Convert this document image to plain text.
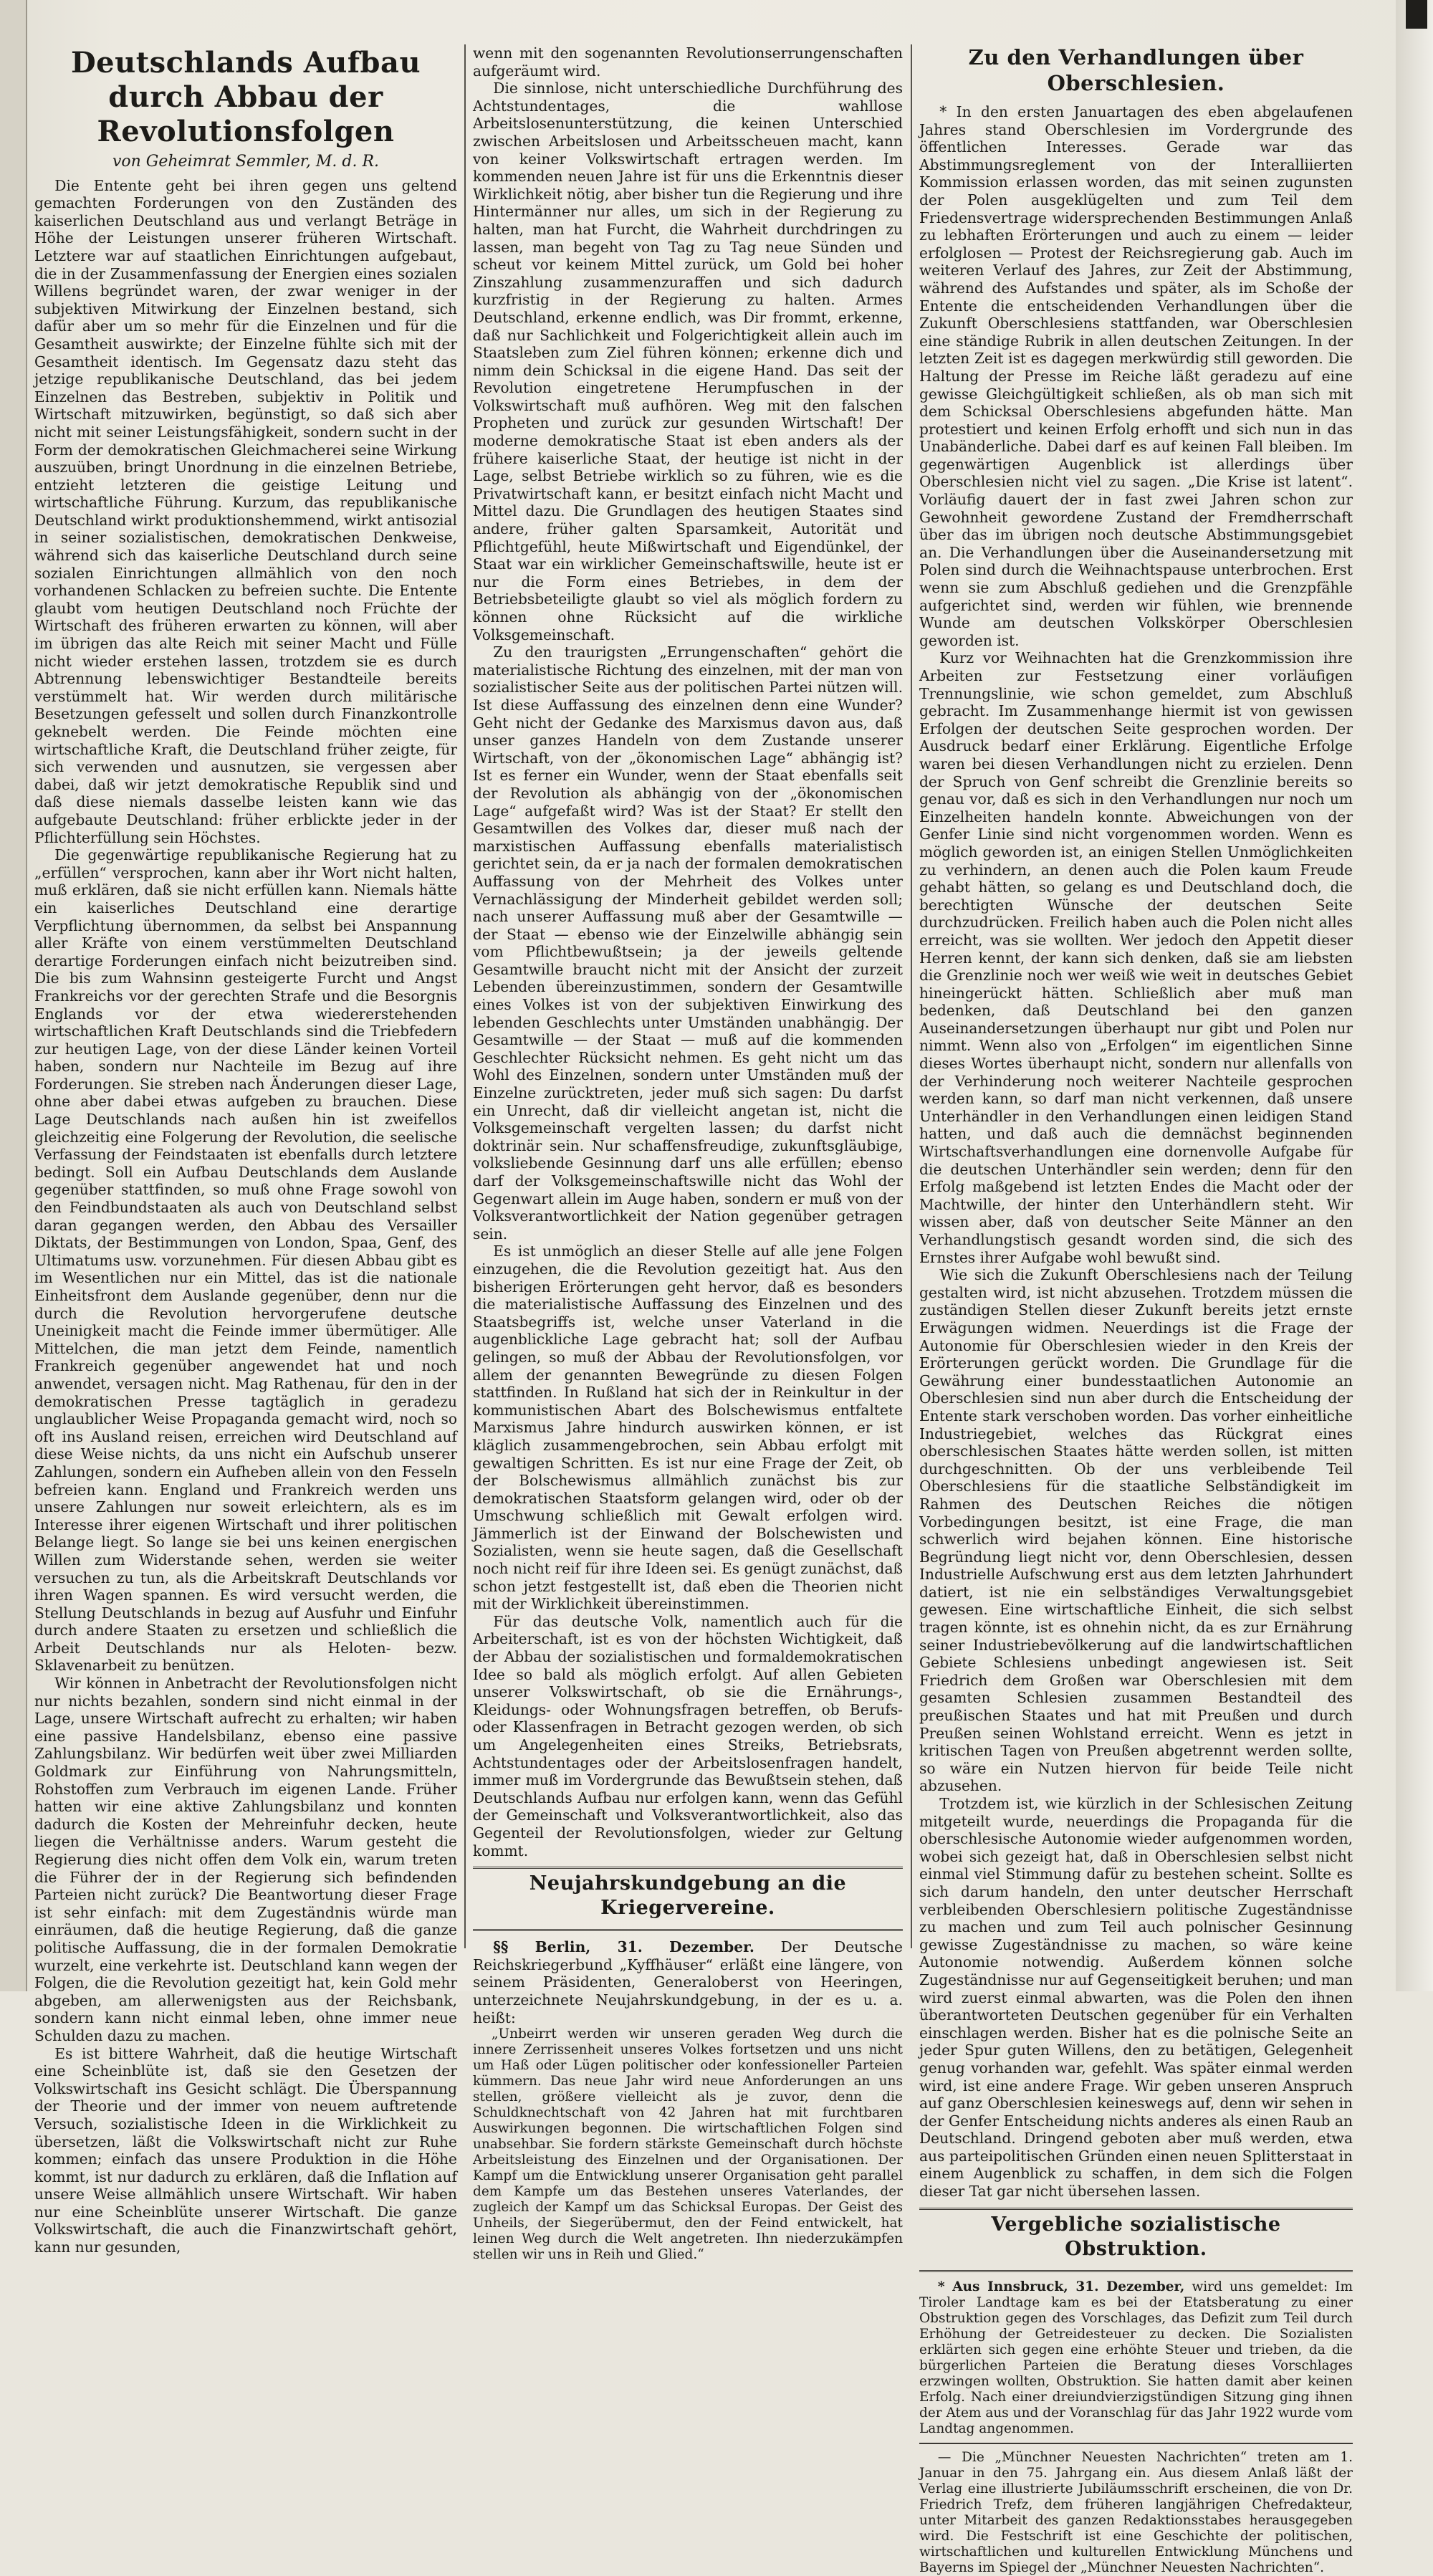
Deutschlands Aufbau durch Abbau der Revolutionsfolgen
von Geheimrat Semmler, M. d. R.

Die Entente geht bei ihren gegen uns geltend gemachten Forderungen von den Zuständen des kaiserlichen Deutschland aus und verlangt Beträge in Höhe der Leistungen unserer früheren Wirtschaft. Letztere war auf staatlichen Einrichtungen aufgebaut, die in der Zusammenfassung der Energien eines sozialen Willens begründet waren, der zwar weniger in der subjektiven Mitwirkung der Einzelnen bestand, sich dafür aber um so mehr für die Einzelnen und für die Gesamtheit auswirkte; der Einzelne fühlte sich mit der Gesamtheit identisch. Im Gegensatz dazu steht das jetzige republikanische Deutschland, das bei jedem Einzelnen das Bestreben, subjektiv in Politik und Wirtschaft mitzuwirken, begünstigt, so daß sich aber nicht mit seiner Leistungsfähigkeit, sondern sucht in der Form der demokratischen Gleichmacherei seine Wirkung auszuüben, bringt Unordnung in die einzelnen Betriebe, entzieht letzteren die geistige Leitung und wirtschaftliche Führung. Kurzum, das republikanische Deutschland wirkt produktionshemmend, wirkt antisozial in seiner sozialistischen, demokratischen Denkweise, während sich das kaiserliche Deutschland durch seine sozialen Einrichtungen allmählich von den noch vorhandenen Schlacken zu befreien suchte. Die Entente glaubt vom heutigen Deutschland noch Früchte der Wirtschaft des früheren erwarten zu können, will aber im übrigen das alte Reich mit seiner Macht und Fülle nicht wieder erstehen lassen, trotzdem sie es durch Abtrennung lebenswichtiger Bestandteile bereits verstümmelt hat. Wir werden durch militärische Besetzungen gefesselt und sollen durch Finanzkontrolle geknebelt werden. Die Feinde möchten eine wirtschaftliche Kraft, die Deutschland früher zeigte, für sich verwenden und ausnutzen, sie vergessen aber dabei, daß wir jetzt demokratische Republik sind und daß diese niemals dasselbe leisten kann wie das aufgebaute Deutschland: früher erblickte jeder in der Pflichterfüllung sein Höchstes.

Die gegenwärtige republikanische Regierung hat zu „erfüllen“ versprochen, kann aber ihr Wort nicht halten, muß erklären, daß sie nicht erfüllen kann. Niemals hätte ein kaiserliches Deutschland eine derartige Verpflichtung übernommen, da selbst bei Anspannung aller Kräfte von einem verstümmelten Deutschland derartige Forderungen einfach nicht beizutreiben sind. Die bis zum Wahnsinn gesteigerte Furcht und Angst Frankreichs vor der gerechten Strafe und die Besorgnis Englands vor der etwa wiedererstehenden wirtschaftlichen Kraft Deutschlands sind die Triebfedern zur heutigen Lage, von der diese Länder keinen Vorteil haben, sondern nur Nachteile im Bezug auf ihre Forderungen. Sie streben nach Änderungen dieser Lage, ohne aber dabei etwas aufgeben zu brauchen. Diese Lage Deutschlands nach außen hin ist zweifellos gleichzeitig eine Folgerung der Revolution, die seelische Verfassung der Feindstaaten ist ebenfalls durch letztere bedingt. Soll ein Aufbau Deutschlands dem Auslande gegenüber stattfinden, so muß ohne Frage sowohl von den Feindbundstaaten als auch von Deutschland selbst daran gegangen werden, den Abbau des Versailler Diktats, der Bestimmungen von London, Spaa, Genf, des Ultimatums usw. vorzunehmen. Für diesen Abbau gibt es im Wesentlichen nur ein Mittel, das ist die nationale Einheitsfront dem Auslande gegenüber, denn nur die durch die Revolution hervorgerufene deutsche Uneinigkeit macht die Feinde immer übermütiger. Alle Mittelchen, die man jetzt dem Feinde, namentlich Frankreich gegenüber angewendet hat und noch anwendet, versagen nicht. Mag Rathenau, für den in der demokratischen Presse tagtäglich in geradezu unglaublicher Weise Propaganda gemacht wird, noch so oft ins Ausland reisen, erreichen wird Deutschland auf diese Weise nichts, da uns nicht ein Aufschub unserer Zahlungen, sondern ein Aufheben allein von den Fesseln befreien kann. England und Frankreich werden uns unsere Zahlungen nur soweit erleichtern, als es im Interesse ihrer eigenen Wirtschaft und ihrer politischen Belange liegt. So lange sie bei uns keinen energischen Willen zum Widerstande sehen, werden sie weiter versuchen zu tun, als die Arbeitskraft Deutschlands vor ihren Wagen spannen. Es wird versucht werden, die Stellung Deutschlands in bezug auf Ausfuhr und Einfuhr durch andere Staaten zu ersetzen und schließlich die Arbeit Deutschlands nur als Heloten- bezw. Sklavenarbeit zu benützen.

Wir können in Anbetracht der Revolutionsfolgen nicht nur nichts bezahlen, sondern sind nicht einmal in der Lage, unsere Wirtschaft aufrecht zu erhalten; wir haben eine passive Handelsbilanz, ebenso eine passive Zahlungsbilanz. Wir bedürfen weit über zwei Milliarden Goldmark zur Einführung von Nahrungsmitteln, Rohstoffen zum Verbrauch im eigenen Lande. Früher hatten wir eine aktive Zahlungsbilanz und konnten dadurch die Kosten der Mehreinfuhr decken, heute liegen die Verhältnisse anders. Warum gesteht die Regierung dies nicht offen dem Volk ein, warum treten die Führer der in der Regierung sich befindenden Parteien nicht zurück? Die Beantwortung dieser Frage ist sehr einfach: mit dem Zugeständnis würde man einräumen, daß die heutige Regierung, daß die ganze politische Auffassung, die in der formalen Demokratie wurzelt, eine verkehrte ist. Deutschland kann wegen der Folgen, die die Revolution gezeitigt hat, kein Gold mehr abgeben, am allerwenigsten aus der Reichsbank, sondern kann nicht einmal leben, ohne immer neue Schulden dazu zu machen.

Es ist bittere Wahrheit, daß die heutige Wirtschaft eine Scheinblüte ist, daß sie den Gesetzen der Volkswirtschaft ins Gesicht schlägt. Die Überspannung der Theorie und der immer von neuem auftretende Versuch, sozialistische Ideen in die Wirklichkeit zu übersetzen, läßt die Volkswirtschaft nicht zur Ruhe kommen; einfach das unsere Produktion in die Höhe kommt, ist nur dadurch zu erklären, daß die Inflation auf unsere Weise allmählich unsere Wirtschaft. Wir haben nur eine Scheinblüte unserer Wirtschaft. Die ganze Volkswirtschaft, die auch die Finanzwirtschaft gehört, kann nur gesunden,

wenn mit den sogenannten Revolutionserrungenschaften aufgeräumt wird.

Die sinnlose, nicht unterschiedliche Durchführung des Achtstundentages, die wahllose Arbeitslosenunterstützung, die keinen Unterschied zwischen Arbeitslosen und Arbeitsscheuen macht, kann von keiner Volkswirtschaft ertragen werden. Im kommenden neuen Jahre ist für uns die Erkenntnis dieser Wirklichkeit nötig, aber bisher tun die Regierung und ihre Hintermänner nur alles, um sich in der Regierung zu halten, man hat Furcht, die Wahrheit durchdringen zu lassen, man begeht von Tag zu Tag neue Sünden und scheut vor keinem Mittel zurück, um Gold bei hoher Zinszahlung zusammenzuraffen und sich dadurch kurzfristig in der Regierung zu halten. Armes Deutschland, erkenne endlich, was Dir frommt, erkenne, daß nur Sachlichkeit und Folgerichtigkeit allein auch im Staatsleben zum Ziel führen können; erkenne dich und nimm dein Schicksal in die eigene Hand. Das seit der Revolution eingetretene Herumpfuschen in der Volkswirtschaft muß aufhören. Weg mit den falschen Propheten und zurück zur gesunden Wirtschaft! Der moderne demokratische Staat ist eben anders als der frühere kaiserliche Staat, der heutige ist nicht in der Lage, selbst Betriebe wirklich so zu führen, wie es die Privatwirtschaft kann, er besitzt einfach nicht Macht und Mittel dazu. Die Grundlagen des heutigen Staates sind andere, früher galten Sparsamkeit, Autorität und Pflichtgefühl, heute Mißwirtschaft und Eigendünkel, der Staat war ein wirklicher Gemeinschaftswille, heute ist er nur die Form eines Betriebes, in dem der Betriebsbeteiligte glaubt so viel als möglich fordern zu können ohne Rücksicht auf die wirkliche Volksgemeinschaft.

Zu den traurigsten „Errungenschaften“ gehört die materialistische Richtung des einzelnen, mit der man von sozialistischer Seite aus der politischen Partei nützen will. Ist diese Auffassung des einzelnen denn eine Wunder? Geht nicht der Gedanke des Marxismus davon aus, daß unser ganzes Handeln von dem Zustande unserer Wirtschaft, von der „ökonomischen Lage“ abhängig ist? Ist es ferner ein Wunder, wenn der Staat ebenfalls seit der Revolution als abhängig von der „ökonomischen Lage“ aufgefaßt wird? Was ist der Staat? Er stellt den Gesamtwillen des Volkes dar, dieser muß nach der marxistischen Auffassung ebenfalls materialistisch gerichtet sein, da er ja nach der formalen demokratischen Auffassung von der Mehrheit des Volkes unter Vernachlässigung der Minderheit gebildet werden soll; nach unserer Auffassung muß aber der Gesamtwille — der Staat — ebenso wie der Einzelwille abhängig sein vom Pflichtbewußtsein; ja der jeweils geltende Gesamtwille braucht nicht mit der Ansicht der zurzeit Lebenden übereinzustimmen, sondern der Gesamtwille eines Volkes ist von der subjektiven Einwirkung des lebenden Geschlechts unter Umständen unabhängig. Der Gesamtwille — der Staat — muß auf die kommenden Geschlechter Rücksicht nehmen. Es geht nicht um das Wohl des Einzelnen, sondern unter Umständen muß der Einzelne zurücktreten, jeder muß sich sagen: Du darfst ein Unrecht, daß dir vielleicht angetan ist, nicht die Volksgemeinschaft vergelten lassen; du darfst nicht doktrinär sein. Nur schaffensfreudige, zukunftsgläubige, volksliebende Gesinnung darf uns alle erfüllen; ebenso darf der Volksgemeinschaftswille nicht das Wohl der Gegenwart allein im Auge haben, sondern er muß von der Volksverantwortlichkeit der Nation gegenüber getragen sein.

Es ist unmöglich an dieser Stelle auf alle jene Folgen einzugehen, die die Revolution gezeitigt hat. Aus den bisherigen Erörterungen geht hervor, daß es besonders die materialistische Auffassung des Einzelnen und des Staatsbegriffs ist, welche unser Vaterland in die augenblickliche Lage gebracht hat; soll der Aufbau gelingen, so muß der Abbau der Revolutionsfolgen, vor allem der genannten Bewegründe zu diesen Folgen stattfinden. In Rußland hat sich der in Reinkultur in der kommunistischen Abart des Bolschewismus entfaltete Marxismus Jahre hindurch auswirken können, er ist kläglich zusammengebrochen, sein Abbau erfolgt mit gewaltigen Schritten. Es ist nur eine Frage der Zeit, ob der Bolschewismus allmählich zunächst bis zur demokratischen Staatsform gelangen wird, oder ob der Umschwung schließlich mit Gewalt erfolgen wird. Jämmerlich ist der Einwand der Bolschewisten und Sozialisten, wenn sie heute sagen, daß die Gesellschaft noch nicht reif für ihre Ideen sei. Es genügt zunächst, daß schon jetzt festgestellt ist, daß eben die Theorien nicht mit der Wirklichkeit übereinstimmen.

Für das deutsche Volk, namentlich auch für die Arbeiterschaft, ist es von der höchsten Wichtigkeit, daß der Abbau der sozialistischen und formaldemokratischen Idee so bald als möglich erfolgt. Auf allen Gebieten unserer Volkswirtschaft, ob sie die Ernährungs-, Kleidungs- oder Wohnungsfragen betreffen, ob Berufs- oder Klassenfragen in Betracht gezogen werden, ob sich um Angelegenheiten eines Streiks, Betriebsrats, Achtstundentages oder der Arbeitslosenfragen handelt, immer muß im Vordergrunde das Bewußtsein stehen, daß Deutschlands Aufbau nur erfolgen kann, wenn das Gefühl der Gemeinschaft und Volksverantwortlichkeit, also das Gegenteil der Revolutionsfolgen, wieder zur Geltung kommt.

Neujahrskundgebung an die Kriegervereine.

§§ Berlin, 31. Dezember. Der Deutsche Reichskriegerbund „Kyffhäuser“ erläßt eine längere, von seinem Präsidenten, Generaloberst von Heeringen, unterzeichnete Neujahrskundgebung, in der es u. a. heißt:

„Unbeirrt werden wir unseren geraden Weg durch die innere Zerrissenheit unseres Volkes fortsetzen und uns nicht um Haß oder Lügen politischer oder konfessioneller Parteien kümmern. Das neue Jahr wird neue Anforderungen an uns stellen, größere vielleicht als je zuvor, denn die Schuldknechtschaft von 42 Jahren hat mit furchtbaren Auswirkungen begonnen. Die wirtschaftlichen Folgen sind unabsehbar. Sie fordern stärkste Gemeinschaft durch höchste Arbeitsleistung des Einzelnen und der Organisationen. Der Kampf um die Entwicklung unserer Organisation geht parallel dem Kampfe um das Bestehen unseres Vaterlandes, der zugleich der Kampf um das Schicksal Europas. Der Geist des Unheils, der Siegerübermut, den der Feind entwickelt, hat leinen Weg durch die Welt angetreten. Ihn niederzukämpfen stellen wir uns in Reih und Glied.“

Zu den Verhandlungen über Oberschlesien.

* In den ersten Januartagen des eben abgelaufenen Jahres stand Oberschlesien im Vordergrunde des öffentlichen Interesses. Gerade war das Abstimmungsreglement von der Interalliierten Kommission erlassen worden, das mit seinen zugunsten der Polen ausgeklügelten und zum Teil dem Friedensvertrage widersprechenden Bestimmungen Anlaß zu lebhaften Erörterungen und auch zu einem — leider erfolglosen — Protest der Reichsregierung gab. Auch im weiteren Verlauf des Jahres, zur Zeit der Abstimmung, während des Aufstandes und später, als im Schoße der Entente die entscheidenden Verhandlungen über die Zukunft Oberschlesiens stattfanden, war Oberschlesien eine ständige Rubrik in allen deutschen Zeitungen. In der letzten Zeit ist es dagegen merkwürdig still geworden. Die Haltung der Presse im Reiche läßt geradezu auf eine gewisse Gleichgültigkeit schließen, als ob man sich mit dem Schicksal Oberschlesiens abgefunden hätte. Man protestiert und keinen Erfolg erhofft und sich nun in das Unabänderliche. Dabei darf es auf keinen Fall bleiben. Im gegenwärtigen Augenblick ist allerdings über Oberschlesien nicht viel zu sagen. „Die Krise ist latent“. Vorläufig dauert der in fast zwei Jahren schon zur Gewohnheit gewordene Zustand der Fremdherrschaft über das im übrigen noch deutsche Abstimmungsgebiet an. Die Verhandlungen über die Auseinandersetzung mit Polen sind durch die Weihnachtspause unterbrochen. Erst wenn sie zum Abschluß gediehen und die Grenzpfähle aufgerichtet sind, werden wir fühlen, wie brennende Wunde am deutschen Volkskörper Oberschlesien geworden ist.

Kurz vor Weihnachten hat die Grenzkommission ihre Arbeiten zur Festsetzung einer vorläufigen Trennungslinie, wie schon gemeldet, zum Abschluß gebracht. Im Zusammenhange hiermit ist von gewissen Erfolgen der deutschen Seite gesprochen worden. Der Ausdruck bedarf einer Erklärung. Eigentliche Erfolge waren bei diesen Verhandlungen nicht zu erzielen. Denn der Spruch von Genf schreibt die Grenzlinie bereits so genau vor, daß es sich in den Verhandlungen nur noch um Einzelheiten handeln konnte. Abweichungen von der Genfer Linie sind nicht vorgenommen worden. Wenn es möglich geworden ist, an einigen Stellen Unmöglichkeiten zu verhindern, an denen auch die Polen kaum Freude gehabt hätten, so gelang es und Deutschland doch, die berechtigten Wünsche der deutschen Seite durchzudrücken. Freilich haben auch die Polen nicht alles erreicht, was sie wollten. Wer jedoch den Appetit dieser Herren kennt, der kann sich denken, daß sie am liebsten die Grenzlinie noch wer weiß wie weit in deutsches Gebiet hineingerückt hätten. Schließlich aber muß man bedenken, daß Deutschland bei den ganzen Auseinandersetzungen überhaupt nur gibt und Polen nur nimmt. Wenn also von „Erfolgen“ im eigentlichen Sinne dieses Wortes überhaupt nicht, sondern nur allenfalls von der Verhinderung noch weiterer Nachteile gesprochen werden kann, so darf man nicht verkennen, daß unsere Unterhändler in den Verhandlungen einen leidigen Stand hatten, und daß auch die demnächst beginnenden Wirtschaftsverhandlungen eine dornenvolle Aufgabe für die deutschen Unterhändler sein werden; denn für den Erfolg maßgebend ist letzten Endes die Macht oder der Machtwille, der hinter den Unterhändlern steht. Wir wissen aber, daß von deutscher Seite Männer an den Verhandlungstisch gesandt worden sind, die sich des Ernstes ihrer Aufgabe wohl bewußt sind.

Wie sich die Zukunft Oberschlesiens nach der Teilung gestalten wird, ist nicht abzusehen. Trotzdem müssen die zuständigen Stellen dieser Zukunft bereits jetzt ernste Erwägungen widmen. Neuerdings ist die Frage der Autonomie für Oberschlesien wieder in den Kreis der Erörterungen gerückt worden. Die Grundlage für die Gewährung einer bundesstaatlichen Autonomie an Oberschlesien sind nun aber durch die Entscheidung der Entente stark verschoben worden. Das vorher einheitliche Industriegebiet, welches das Rückgrat eines oberschlesischen Staates hätte werden sollen, ist mitten durchgeschnitten. Ob der uns verbleibende Teil Oberschlesiens für die staatliche Selbständigkeit im Rahmen des Deutschen Reiches die nötigen Vorbedingungen besitzt, ist eine Frage, die man schwerlich wird bejahen können. Eine historische Begründung liegt nicht vor, denn Oberschlesien, dessen Industrielle Aufschwung erst aus dem letzten Jahrhundert datiert, ist nie ein selbständiges Verwaltungsgebiet gewesen. Eine wirtschaftliche Einheit, die sich selbst tragen könnte, ist es ohnehin nicht, da es zur Ernährung seiner Industriebevölkerung auf die landwirtschaftlichen Gebiete Schlesiens unbedingt angewiesen ist. Seit Friedrich dem Großen war Oberschlesien mit dem gesamten Schlesien zusammen Bestandteil des preußischen Staates und hat mit Preußen und durch Preußen seinen Wohlstand erreicht. Wenn es jetzt in kritischen Tagen von Preußen abgetrennt werden sollte, so wäre ein Nutzen hiervon für beide Teile nicht abzusehen.

Trotzdem ist, wie kürzlich in der Schlesischen Zeitung mitgeteilt wurde, neuerdings die Propaganda für die oberschlesische Autonomie wieder aufgenommen worden, wobei sich gezeigt hat, daß in Oberschlesien selbst nicht einmal viel Stimmung dafür zu bestehen scheint. Sollte es sich darum handeln, den unter deutscher Herrschaft verbleibenden Oberschlesiern politische Zugeständnisse zu machen und zum Teil auch polnischer Gesinnung gewisse Zugeständnisse zu machen, so wäre keine Autonomie notwendig. Außerdem können solche Zugeständnisse nur auf Gegenseitigkeit beruhen; und man wird zuerst einmal abwarten, was die Polen den ihnen überantworteten Deutschen gegenüber für ein Verhalten einschlagen werden. Bisher hat es die polnische Seite an jeder Spur guten Willens, den zu betätigen, Gelegenheit genug vorhanden war, gefehlt. Was später einmal werden wird, ist eine andere Frage. Wir geben unseren Anspruch auf ganz Oberschlesien keineswegs auf, denn wir sehen in der Genfer Entscheidung nichts anderes als einen Raub an Deutschland. Dringend geboten aber muß werden, etwa aus parteipolitischen Gründen einen neuen Splitterstaat in einem Augenblick zu schaffen, in dem sich die Folgen dieser Tat gar nicht übersehen lassen.

Vergebliche sozialistische Obstruktion.

* Aus Innsbruck, 31. Dezember, wird uns gemeldet: Im Tiroler Landtage kam es bei der Etatsberatung zu einer Obstruktion gegen des Vorschlages, das Defizit zum Teil durch Erhöhung der Getreidesteuer zu decken. Die Sozialisten erklärten sich gegen eine erhöhte Steuer und trieben, da die bürgerlichen Parteien die Beratung dieses Vorschlages erzwingen wollten, Obstruktion. Sie hatten damit aber keinen Erfolg. Nach einer dreiundvierzigstündigen Sitzung ging ihnen der Atem aus und der Voranschlag für das Jahr 1922 wurde vom Landtag angenommen.

— Die „Münchner Neuesten Nachrichten“ treten am 1. Januar in den 75. Jahrgang ein. Aus diesem Anlaß läßt der Verlag eine illustrierte Jubiläumsschrift erscheinen, die von Dr. Friedrich Trefz, dem früheren langjährigen Chefredakteur, unter Mitarbeit des ganzen Redaktionsstabes herausgegeben wird. Die Festschrift ist eine Geschichte der politischen, wirtschaftlichen und kulturellen Entwicklung Münchens und Bayerns im Spiegel der „Münchner Neuesten Nachrichten“.
